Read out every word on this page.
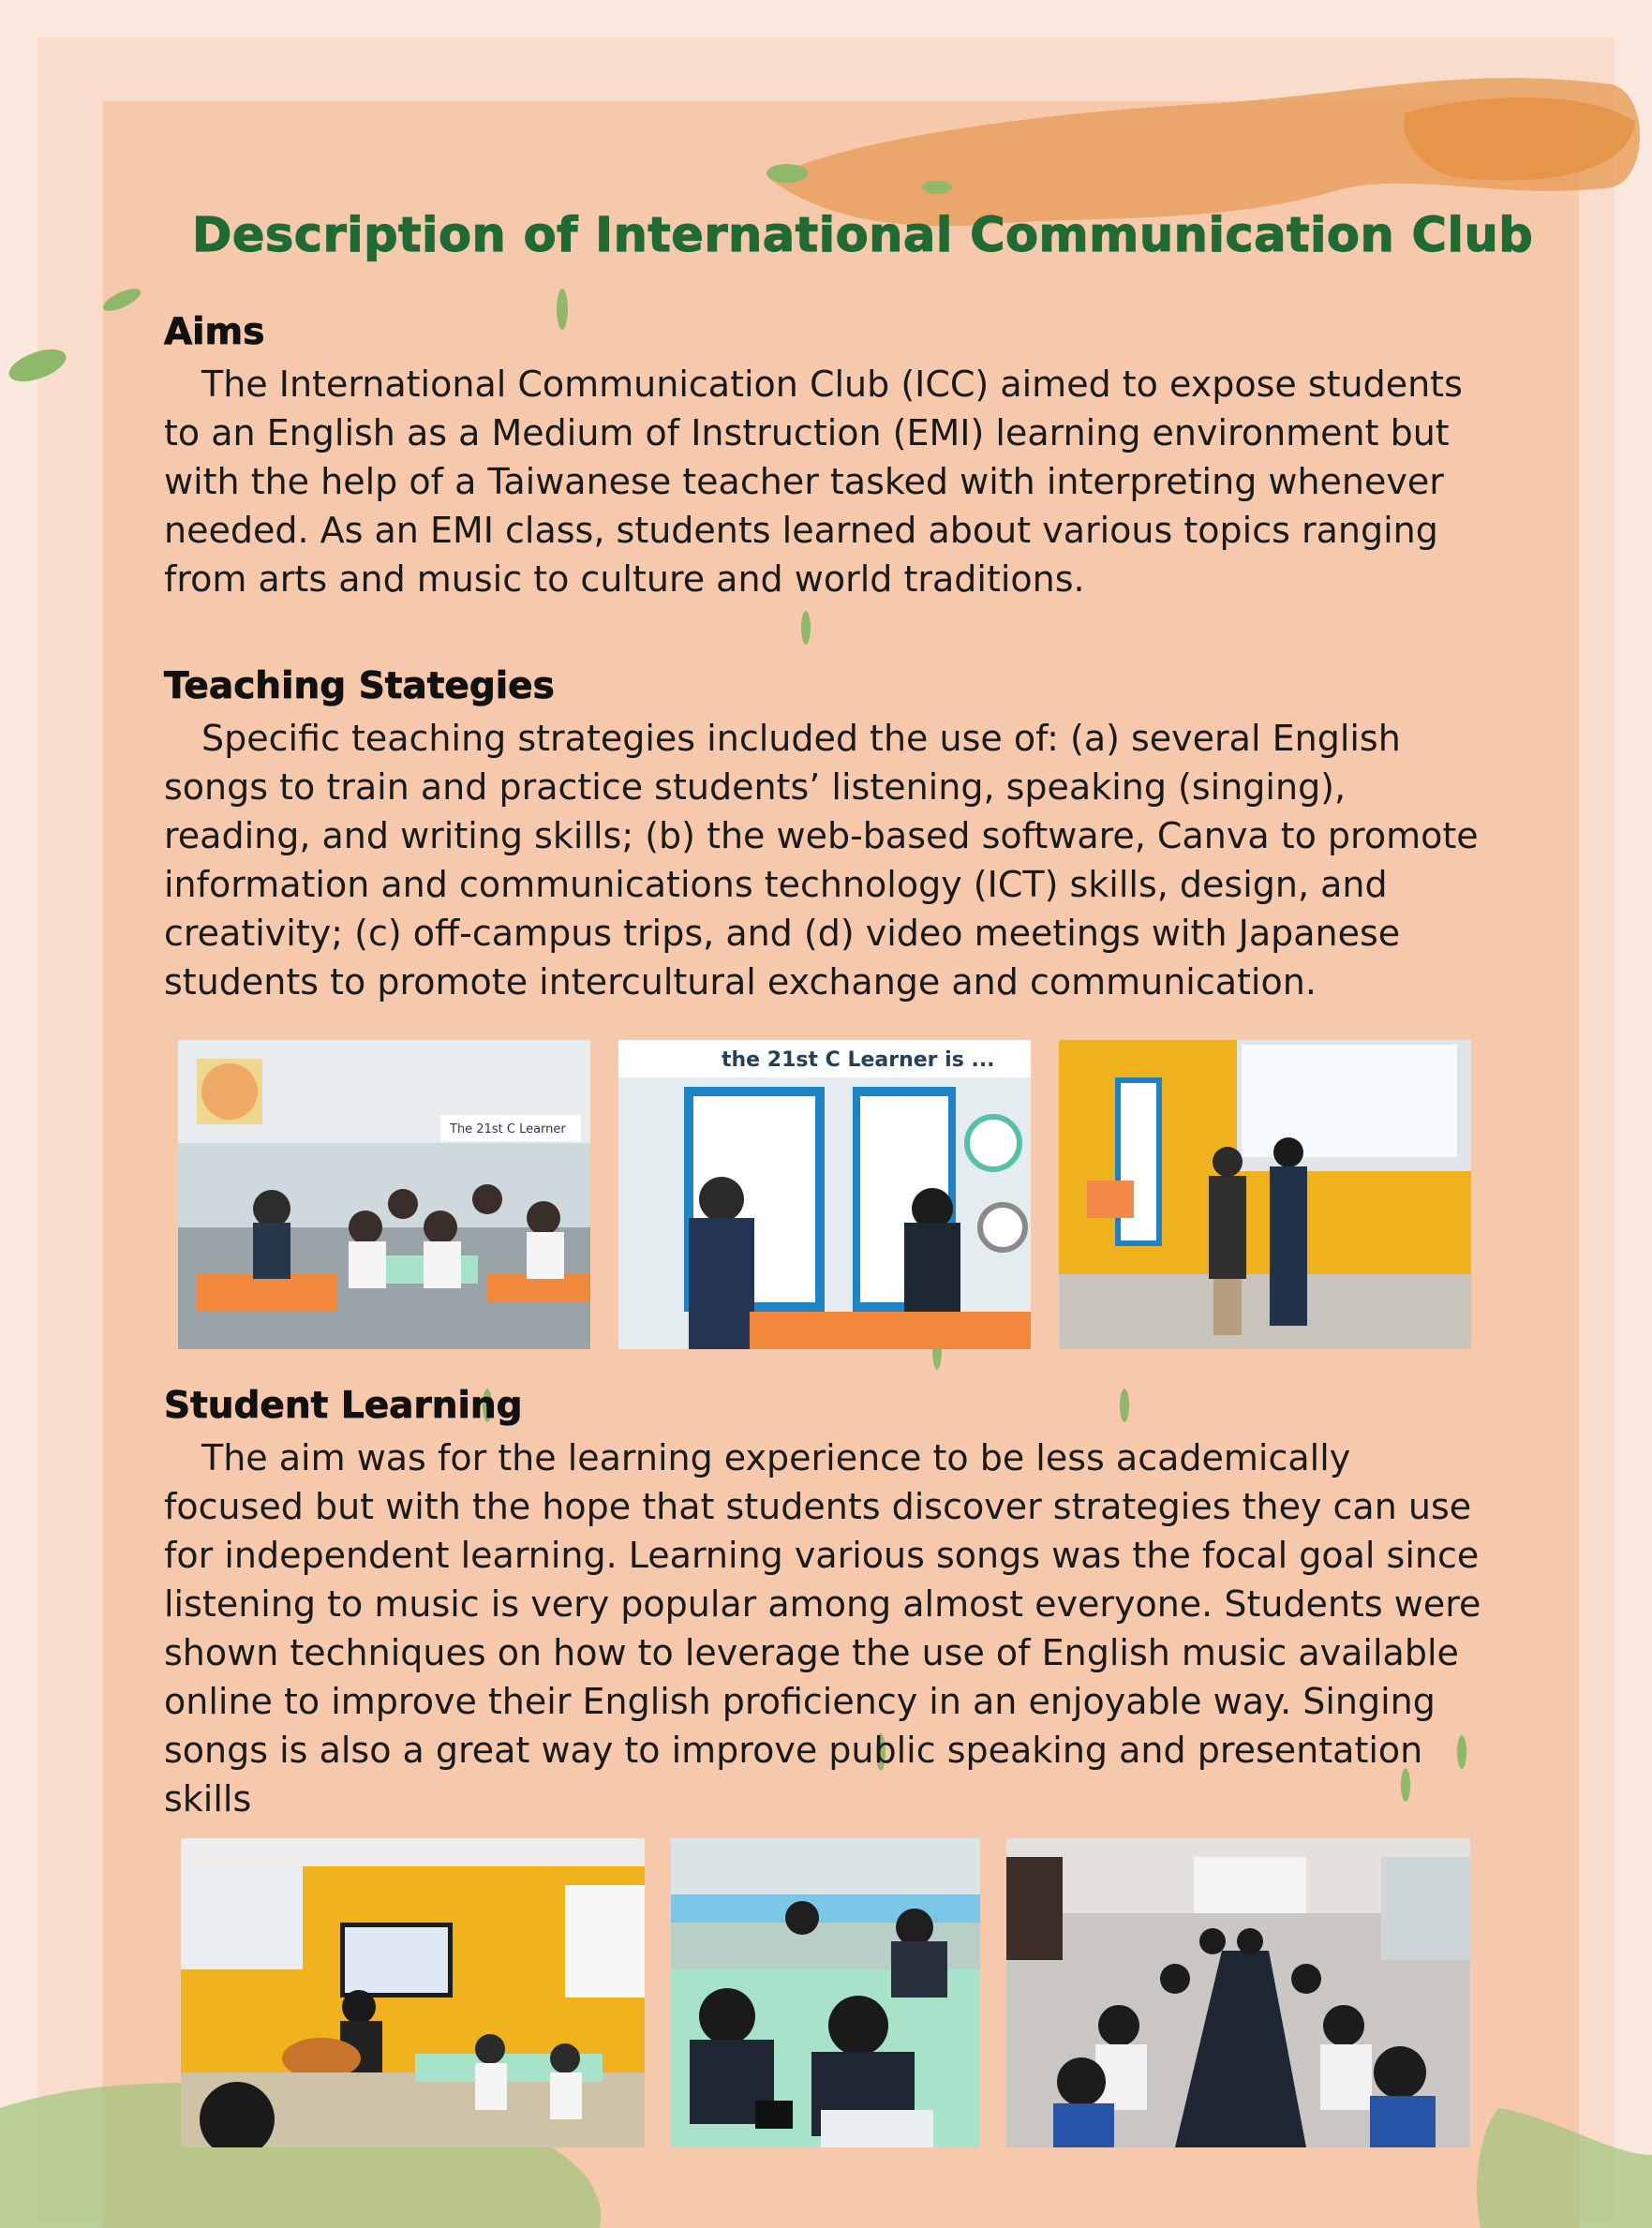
Description of International Communication Club
Aims

The International Communication Club (ICC) aimed to expose students to an English as a Medium of Instruction (EMI) learning environment but with the help of a Taiwanese teacher tasked with interpreting whenever needed. As an EMI class, students learned about various topics ranging from arts and music to culture and world traditions.

Teaching Stategies

Specific teaching strategies included the use of: (a) several English songs to train and practice students’ listening, speaking (singing), reading, and writing skills; (b) the web-based software, Canva to promote information and communications technology (ICT) skills, design, and creativity; (c) off-campus trips, and (d) video meetings with Japanese students to promote intercultural exchange and communication.

The 21st C Learner
the 21st C Learner is ...
Student Learning

The aim was for the learning experience to be less academically focused but with the hope that students discover strategies they can use for independent learning. Learning various songs was the focal goal since listening to music is very popular among almost everyone. Students were shown techniques on how to leverage the use of English music available online to improve their English proficiency in an enjoyable way. Singing songs is also a great way to improve public speaking and presentation skills
